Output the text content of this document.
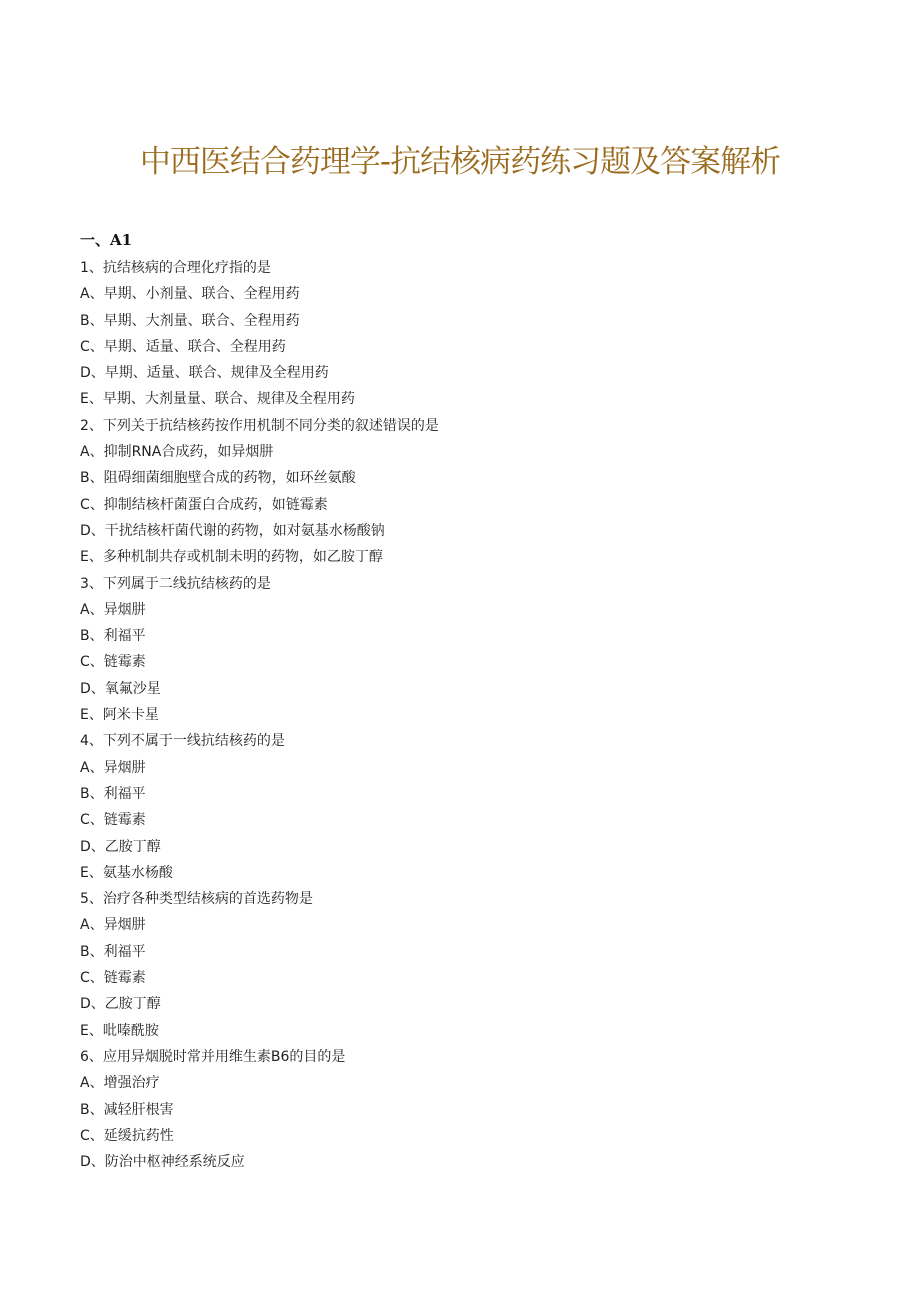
中西医结合药理学-抗结核病药练习题及答案解析
一、A1
1、抗结核病的合理化疗指的是
A、早期、小剂量、联合、全程用药
B、早期、大剂量、联合、全程用药
C、早期、适量、联合、全程用药
D、早期、适量、联合、规律及全程用药
E、早期、大剂量量、联合、规律及全程用药
2、下列关于抗结核药按作用机制不同分类的叙述错误的是
A、抑制RNA合成药，如异烟肼
B、阻碍细菌细胞壁合成的药物，如环丝氨酸
C、抑制结核杆菌蛋白合成药，如链霉素
D、干扰结核杆菌代谢的药物，如对氨基水杨酸钠
E、多种机制共存或机制未明的药物，如乙胺丁醇
3、下列属于二线抗结核药的是
A、异烟肼
B、利福平
C、链霉素
D、氧氟沙星
E、阿米卡星
4、下列不属于一线抗结核药的是
A、异烟肼
B、利福平
C、链霉素
D、乙胺丁醇
E、氨基水杨酸
5、治疗各种类型结核病的首选药物是
A、异烟肼
B、利福平
C、链霉素
D、乙胺丁醇
E、吡嗪酰胺
6、应用异烟脱时常并用维生素B6的目的是
A、增强治疗
B、减轻肝根害
C、延缓抗药性
D、防治中枢神经系统反应
